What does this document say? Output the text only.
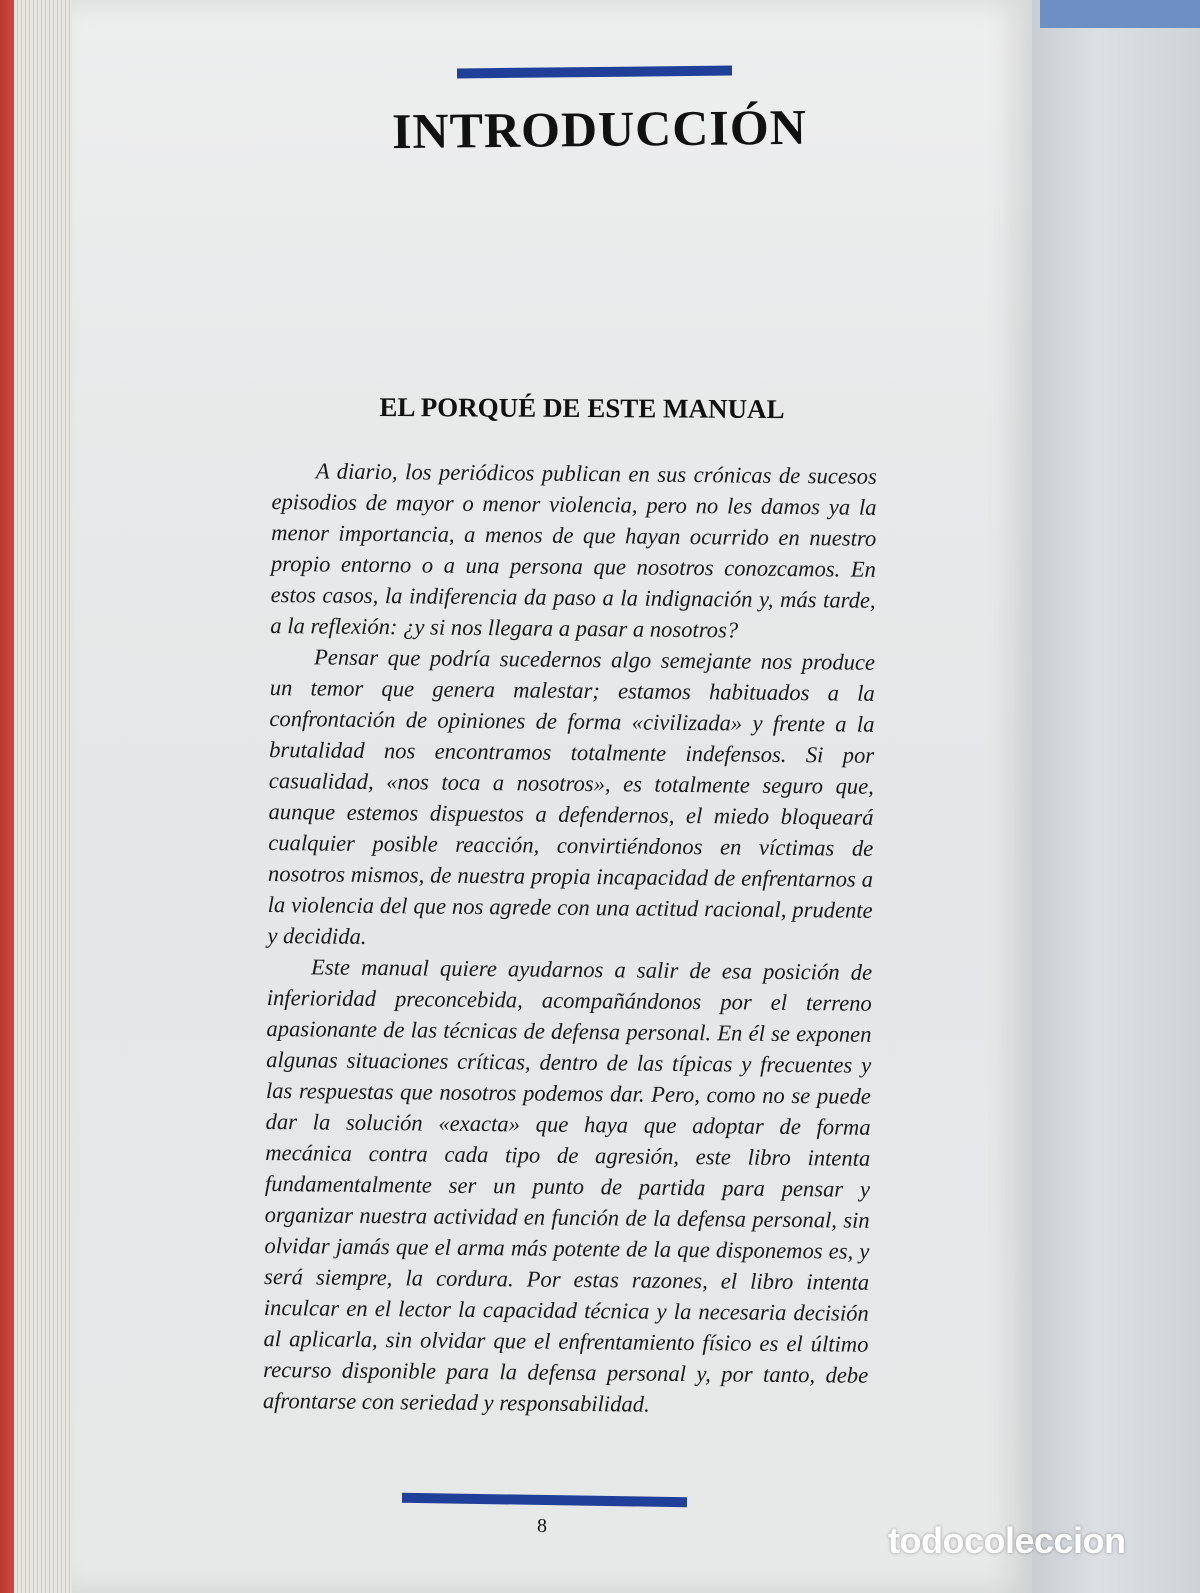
INTRODUCCIÓN
EL PORQUÉ DE ESTE MANUAL

A diario, los periódicos publican en sus crónicas de sucesos episodios de mayor o menor violencia, pero no les damos ya la menor importancia, a menos de que hayan ocurrido en nuestro propio entorno o a una persona que nosotros conozcamos. En estos casos, la indiferencia da paso a la indignación y, más tarde, a la reflexión: ¿y si nos llegara a pasar a nosotros?

Pensar que podría sucedernos algo semejante nos produce un temor que genera malestar; estamos habituados a la confrontación de opiniones de forma «civilizada» y frente a la brutalidad nos encontramos totalmente indefensos. Si por casualidad, «nos toca a nosotros», es totalmente seguro que, aunque estemos dispuestos a defendernos, el miedo bloqueará cualquier posible reacción, convirtiéndonos en víctimas de nosotros mismos, de nuestra propia incapacidad de enfrentarnos a la violencia del que nos agrede con una actitud racional, prudente y decidida.

Este manual quiere ayudarnos a salir de esa posición de inferioridad preconcebida, acompañándonos por el terreno apasionante de las técnicas de defensa personal. En él se exponen algunas situaciones críticas, dentro de las típicas y frecuentes y las respuestas que nosotros podemos dar. Pero, como no se puede dar la solución «exacta» que haya que adoptar de forma mecánica contra cada tipo de agresión, este libro intenta fundamentalmente ser un punto de partida para pensar y organizar nuestra actividad en función de la defensa personal, sin olvidar jamás que el arma más potente de la que disponemos es, y será siempre, la cordura. Por estas razones, el libro intenta inculcar en el lector la capacidad técnica y la necesaria decisión al aplicarla, sin olvidar que el enfrentamiento físico es el último recurso disponible para la defensa personal y, por tanto, debe afrontarse con seriedad y responsabilidad.

8	todocoleccion
